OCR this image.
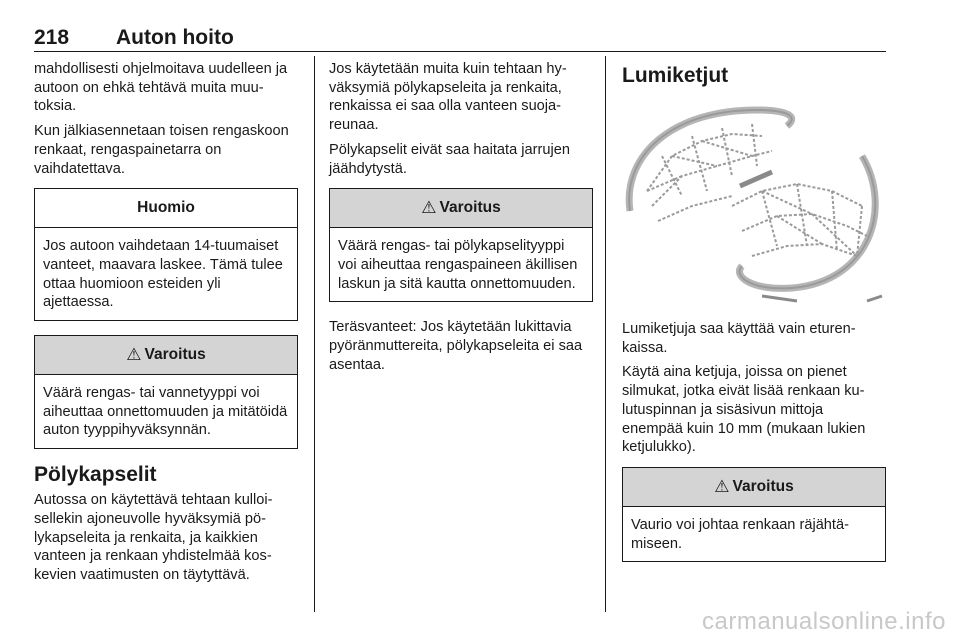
218 Auton hoito

mahdollisesti ohjelmoitava uudelleen ja autoon on ehkä tehtävä muita muutoksia.

Kun jälkiasennetaan toisen rengaskoon renkaat, rengaspainetarra on vaihdatettava.

Huomio
Jos autoon vaihdetaan 14-tuumaiset vanteet, maavara laskee. Tämä tulee ottaa huomioon esteiden yli ajettaessa.
⚠ Varoitus
Väärä rengas- tai vannetyyppi voi aiheuttaa onnettomuuden ja mitätöidä auton tyyppihyväksynnän.
Pölykapselit

Autossa on käytettävä tehtaan kulloisellekin ajoneuvolle hyväksymiä pölykapseleita ja renkaita, ja kaikkien vanteen ja renkaan yhdistelmää koskevien vaatimusten on täytyttävä.

Jos käytetään muita kuin tehtaan hyväksymiä pölykapseleita ja renkaita, renkaissa ei saa olla vanteen suojareunaa.

Pölykapselit eivät saa haitata jarrujen jäähdytystä.

⚠ Varoitus
Väärä rengas- tai pölykapselityyppi voi aiheuttaa rengaspaineen äkillisen laskun ja sitä kautta onnettomuuden.

Teräsvanteet: Jos käytetään lukittavia pyöränmuttereita, pölykapseleita ei saa asentaa.

Lumiketjut

Lumiketjuja saa käyttää vain eturenkaissa.

Käytä aina ketjuja, joissa on pienet silmukat, jotka eivät lisää renkaan kulutuspinnan ja sisäsivun mittoja enempää kuin 10 mm (mukaan lukien ketjulukko).

⚠ Varoitus
Vaurio voi johtaa renkaan räjähtämiseen.
carmanualsonline.info
